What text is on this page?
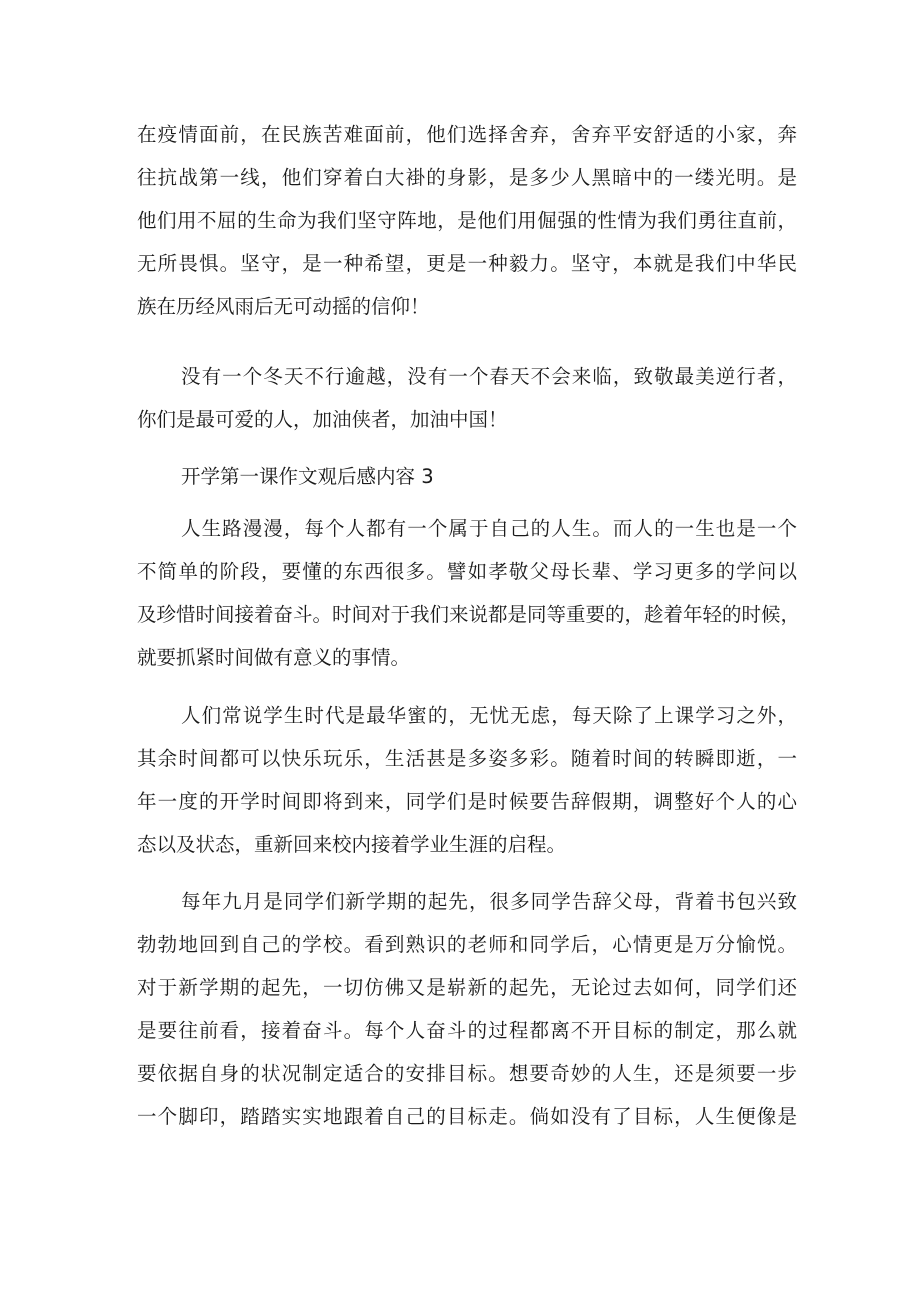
在疫情面前，在民族苦难面前，他们选择舍弃，舍弃平安舒适的小家，奔
往抗战第一线，他们穿着白大褂的身影，是多少人黑暗中的一缕光明。是
他们用不屈的生命为我们坚守阵地，是他们用倔强的性情为我们勇往直前，
无所畏惧。坚守，是一种希望，更是一种毅力。坚守，本就是我们中华民
族在历经风雨后无可动摇的信仰！
没有一个冬天不行逾越，没有一个春天不会来临，致敬最美逆行者，
你们是最可爱的人，加油侠者，加油中国！
开学第一课作文观后感内容 3
人生路漫漫，每个人都有一个属于自己的人生。而人的一生也是一个
不简单的阶段，要懂的东西很多。譬如孝敬父母长辈、学习更多的学问以
及珍惜时间接着奋斗。时间对于我们来说都是同等重要的，趁着年轻的时候，
就要抓紧时间做有意义的事情。
人们常说学生时代是最华蜜的，无忧无虑，每天除了上课学习之外，
其余时间都可以快乐玩乐，生活甚是多姿多彩。随着时间的转瞬即逝，一
年一度的开学时间即将到来，同学们是时候要告辞假期，调整好个人的心
态以及状态，重新回来校内接着学业生涯的启程。
每年九月是同学们新学期的起先，很多同学告辞父母，背着书包兴致
勃勃地回到自己的学校。看到熟识的老师和同学后，心情更是万分愉悦。
对于新学期的起先，一切仿佛又是崭新的起先，无论过去如何，同学们还
是要往前看，接着奋斗。每个人奋斗的过程都离不开目标的制定，那么就
要依据自身的状况制定适合的安排目标。想要奇妙的人生，还是须要一步
一个脚印，踏踏实实地跟着自己的目标走。倘如没有了目标，人生便像是
